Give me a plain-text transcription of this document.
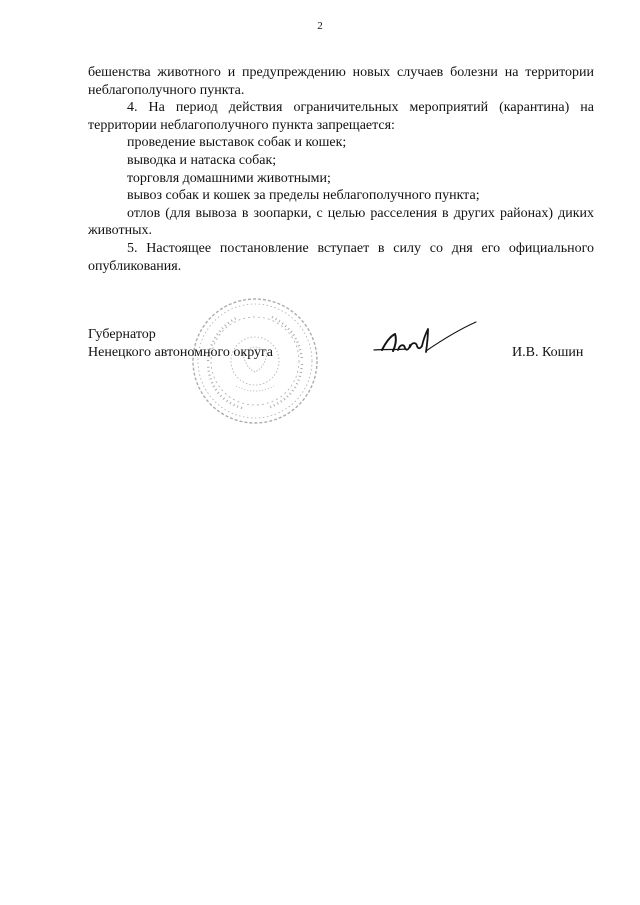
2

бешенства животного и предупреждению новых случаев болезни на территории неблагополучного пункта.

4. На период действия ограничительных мероприятий (карантина) на территории неблагополучного пункта запрещается:

проведение выставок собак и кошек;

выводка и натаска собак;

торговля домашними животными;

вывоз собак и кошек за пределы неблагополучного пункта;

отлов (для вывоза в зоопарки, с целью расселения в других районах) диких животных.

5. Настоящее постановление вступает в силу со дня его официального опубликования.

Губернатор
Ненецкого автономного округа	И.В. Кошин
